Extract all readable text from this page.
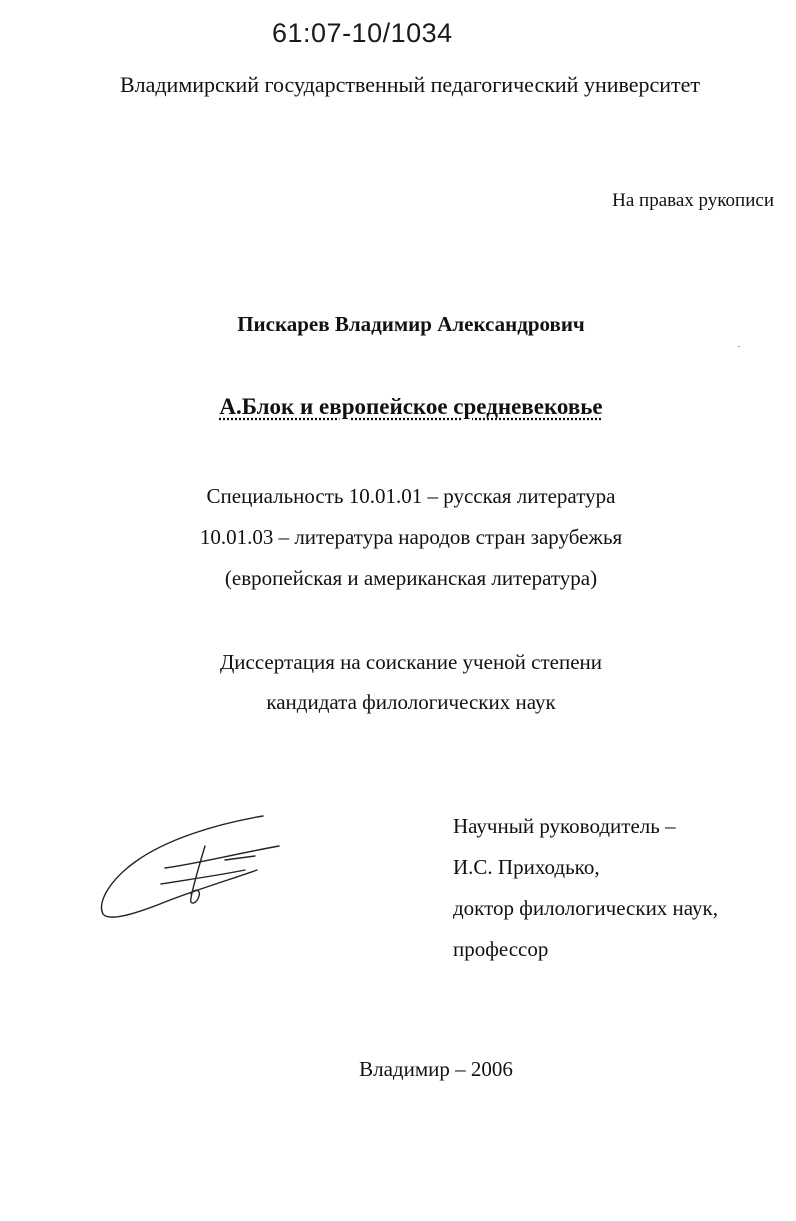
61:07-10/1034
Владимирский государственный педагогический университет
На правах рукописи
Пискарев Владимир Александрович
А.Блок и европейское средневековье
Специальность 10.01.01 – русская литература
10.01.03 – литература народов стран зарубежья
(европейская и американская литература)
Диссертация на соискание ученой степени
кандидата филологических наук
Научный руководитель –
И.С. Приходько,
доктор филологических наук,
профессор
Владимир – 2006
